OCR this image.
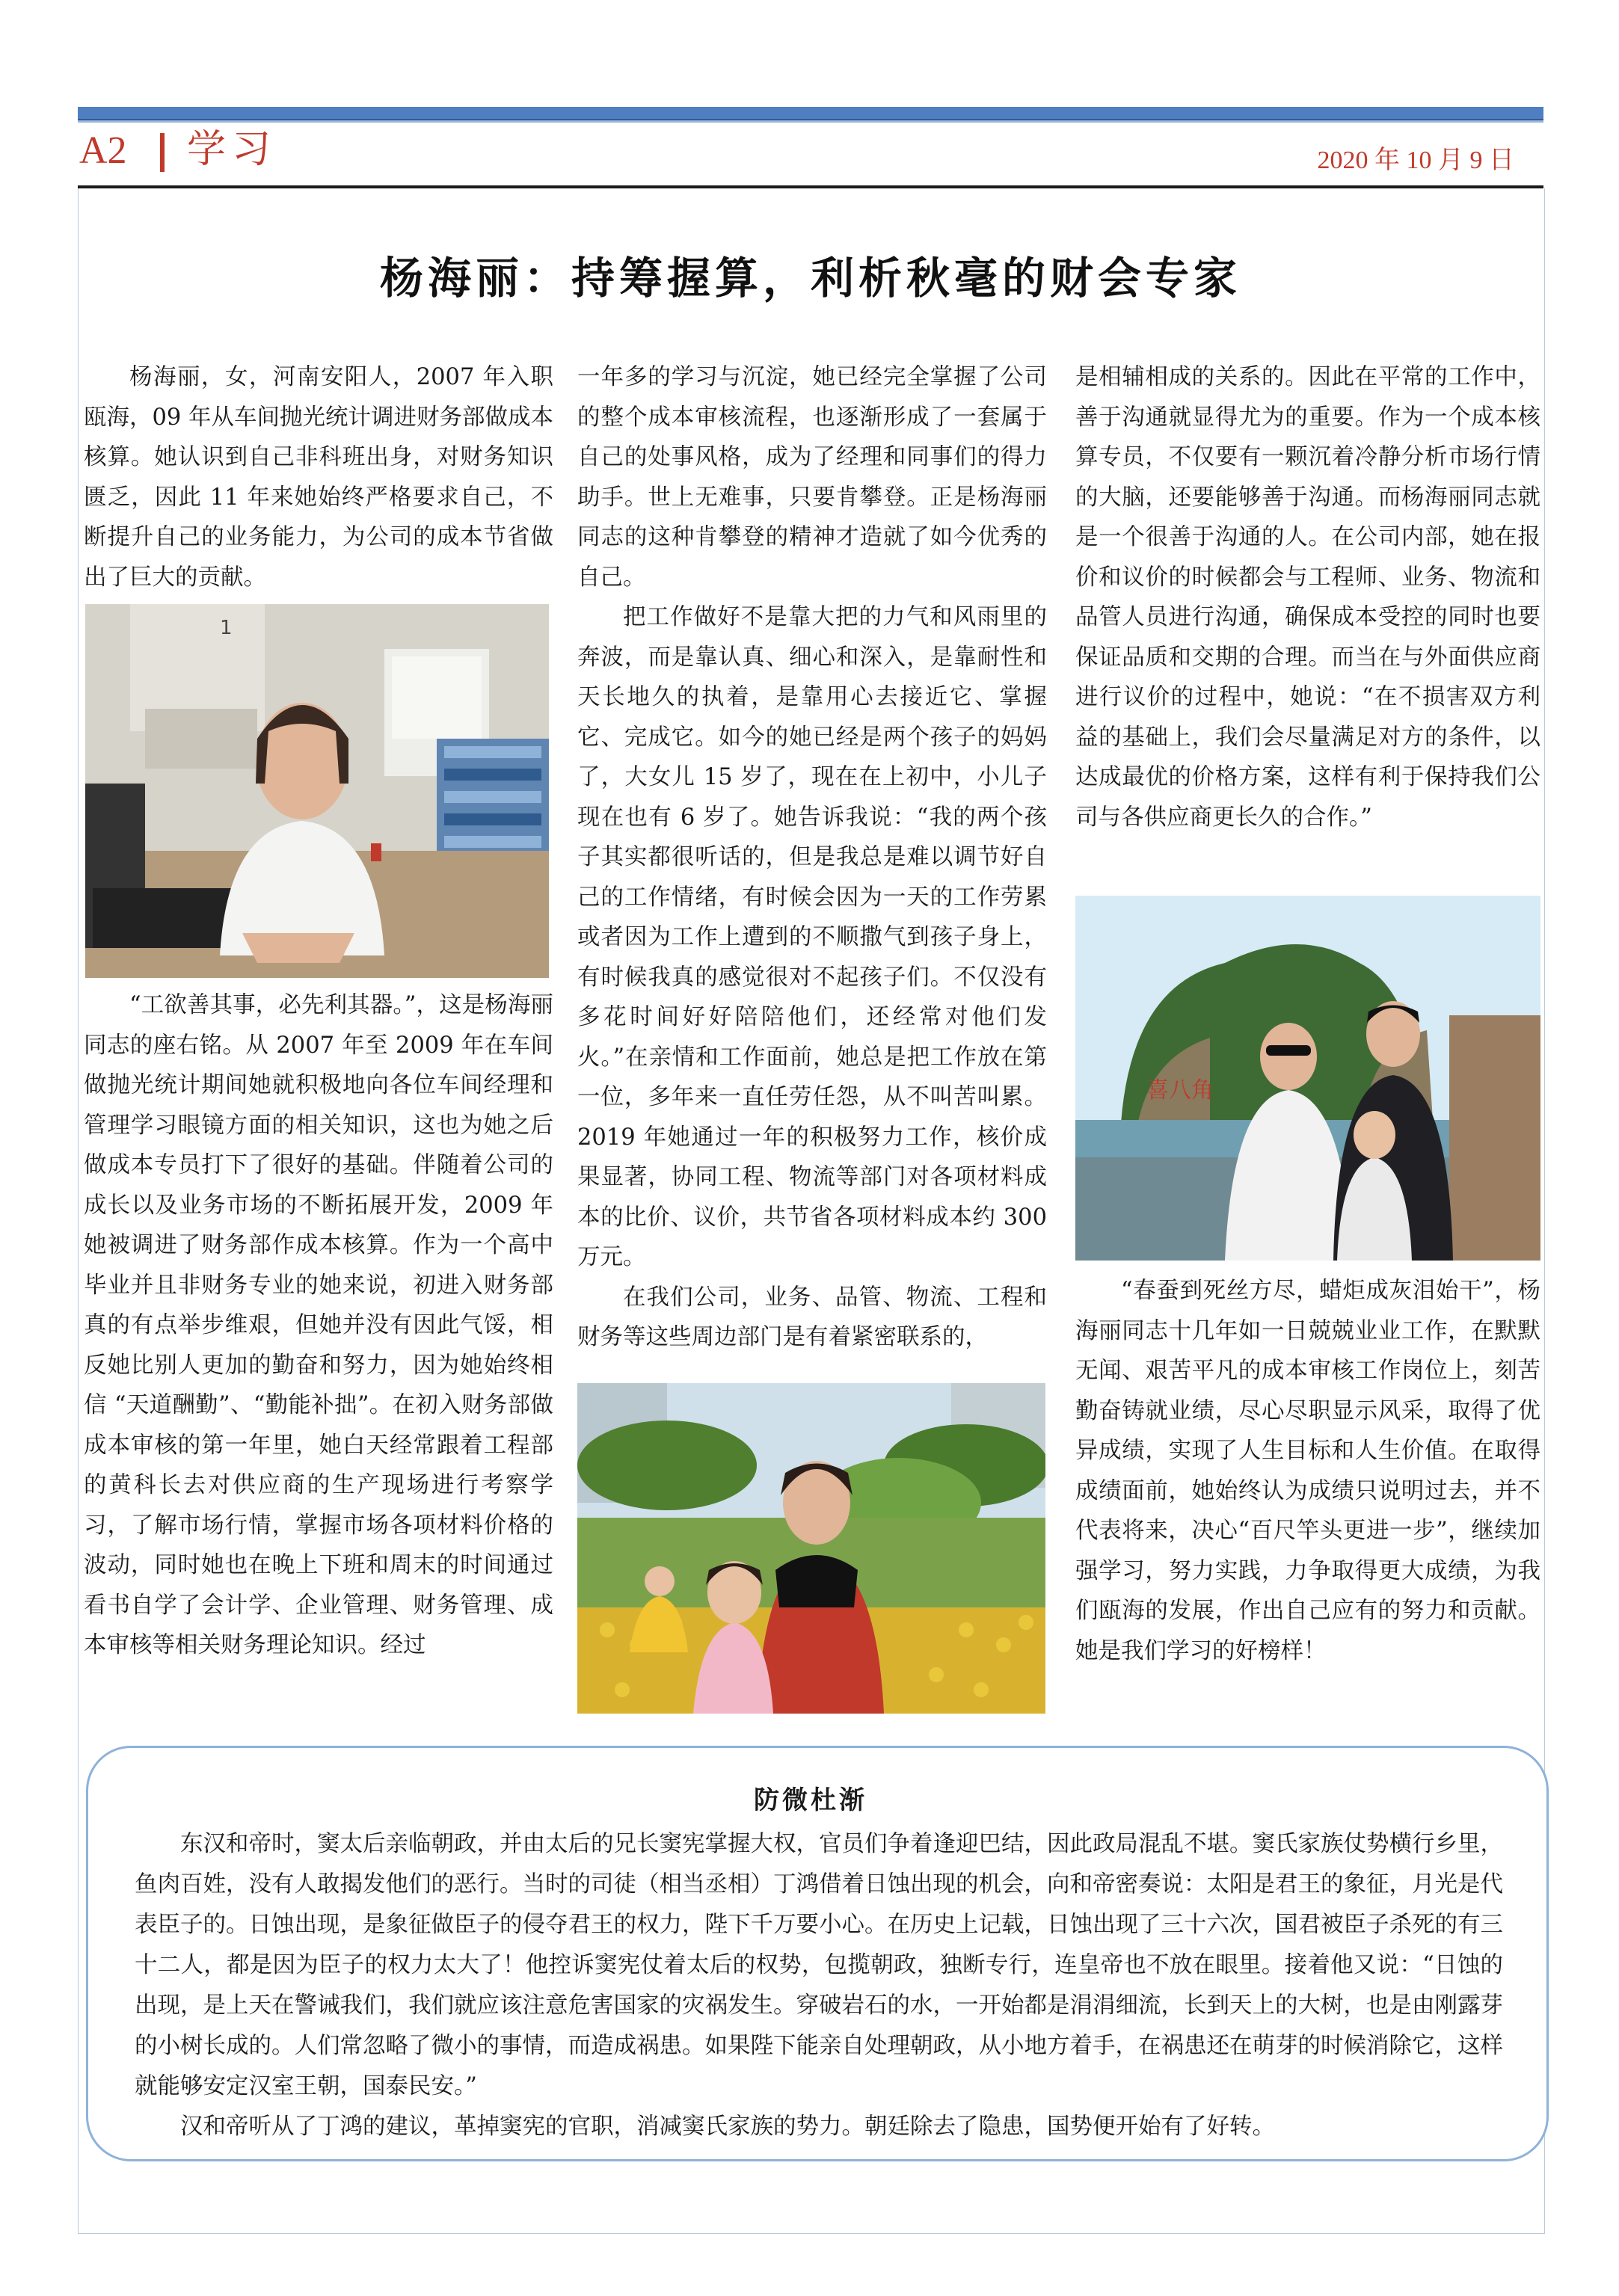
A2 学习	2020 年 10 月 9 日
杨海丽：持筹握算，利析秋毫的财会专家

杨海丽，女，河南安阳人，2007 年入职瓯海，09 年从车间抛光统计调进财务部做成本核算。她认识到自己非科班出身，对财务知识匮乏，因此 11 年来她始终严格要求自己，不断提升自己的业务能力，为公司的成本节省做出了巨大的贡献。

1

“工欲善其事，必先利其器。”，这是杨海丽同志的座右铭。从 2007 年至 2009 年在车间做抛光统计期间她就积极地向各位车间经理和管理学习眼镜方面的相关知识，这也为她之后做成本专员打下了很好的基础。伴随着公司的成长以及业务市场的不断拓展开发，2009 年她被调进了财务部作成本核算。作为一个高中毕业并且非财务专业的她来说，初进入财务部真的有点举步维艰，但她并没有因此气馁，相反她比别人更加的勤奋和努力，因为她始终相信 “天道酬勤”、“勤能补拙”。在初入财务部做成本审核的第一年里，她白天经常跟着工程部的黄科长去对供应商的生产现场进行考察学习，了解市场行情，掌握市场各项材料价格的波动，同时她也在晚上下班和周末的时间通过看书自学了会计学、企业管理、财务管理、成本审核等相关财务理论知识。经过

一年多的学习与沉淀，她已经完全掌握了公司的整个成本审核流程，也逐渐形成了一套属于自己的处事风格，成为了经理和同事们的得力助手。世上无难事，只要肯攀登。正是杨海丽同志的这种肯攀登的精神才造就了如今优秀的自己。

把工作做好不是靠大把的力气和风雨里的奔波，而是靠认真、细心和深入，是靠耐性和天长地久的执着，是靠用心去接近它、掌握它、完成它。如今的她已经是两个孩子的妈妈了，大女儿 15 岁了，现在在上初中，小儿子现在也有 6 岁了。她告诉我说：“我的两个孩子其实都很听话的，但是我总是难以调节好自己的工作情绪，有时候会因为一天的工作劳累或者因为工作上遭到的不顺撒气到孩子身上，有时候我真的感觉很对不起孩子们。不仅没有多花时间好好陪陪他们，还经常对他们发火。”在亲情和工作面前，她总是把工作放在第一位，多年来一直任劳任怨，从不叫苦叫累。2019 年她通过一年的积极努力工作，核价成果显著，协同工程、物流等部门对各项材料成本的比价、议价，共节省各项材料成本约 300 万元。

在我们公司，业务、品管、物流、工程和财务等这些周边部门是有着紧密联系的，

是相辅相成的关系的。因此在平常的工作中，善于沟通就显得尤为的重要。作为一个成本核算专员，不仅要有一颗沉着冷静分析市场行情的大脑，还要能够善于沟通。而杨海丽同志就是一个很善于沟通的人。在公司内部，她在报价和议价的时候都会与工程师、业务、物流和品管人员进行沟通，确保成本受控的同时也要保证品质和交期的合理。而当在与外面供应商进行议价的过程中，她说：“在不损害双方利益的基础上，我们会尽量满足对方的条件，以达成最优的价格方案，这样有利于保持我们公司与各供应商更长久的合作。”

喜八角

“春蚕到死丝方尽，蜡炬成灰泪始干”，杨海丽同志十几年如一日兢兢业业工作，在默默无闻、艰苦平凡的成本审核工作岗位上，刻苦勤奋铸就业绩，尽心尽职显示风采，取得了优异成绩，实现了人生目标和人生价值。在取得成绩面前，她始终认为成绩只说明过去，并不代表将来，决心“百尺竿头更进一步”，继续加强学习，努力实践，力争取得更大成绩，为我们瓯海的发展，作出自己应有的努力和贡献。她是我们学习的好榜样！

防微杜渐

东汉和帝时，窦太后亲临朝政，并由太后的兄长窦宪掌握大权，官员们争着逢迎巴结，因此政局混乱不堪。窦氏家族仗势横行乡里，鱼肉百姓，没有人敢揭发他们的恶行。当时的司徒（相当丞相）丁鸿借着日蚀出现的机会，向和帝密奏说：太阳是君王的象征，月光是代表臣子的。日蚀出现，是象征做臣子的侵夺君王的权力，陛下千万要小心。在历史上记载，日蚀出现了三十六次，国君被臣子杀死的有三十二人，都是因为臣子的权力太大了！他控诉窦宪仗着太后的权势，包揽朝政，独断专行，连皇帝也不放在眼里。接着他又说：“日蚀的出现，是上天在警诫我们，我们就应该注意危害国家的灾祸发生。穿破岩石的水，一开始都是涓涓细流，长到天上的大树，也是由刚露芽的小树长成的。人们常忽略了微小的事情，而造成祸患。如果陛下能亲自处理朝政，从小地方着手，在祸患还在萌芽的时候消除它，这样就能够安定汉室王朝，国泰民安。”

汉和帝听从了丁鸿的建议，革掉窦宪的官职，消减窦氏家族的势力。朝廷除去了隐患，国势便开始有了好转。
